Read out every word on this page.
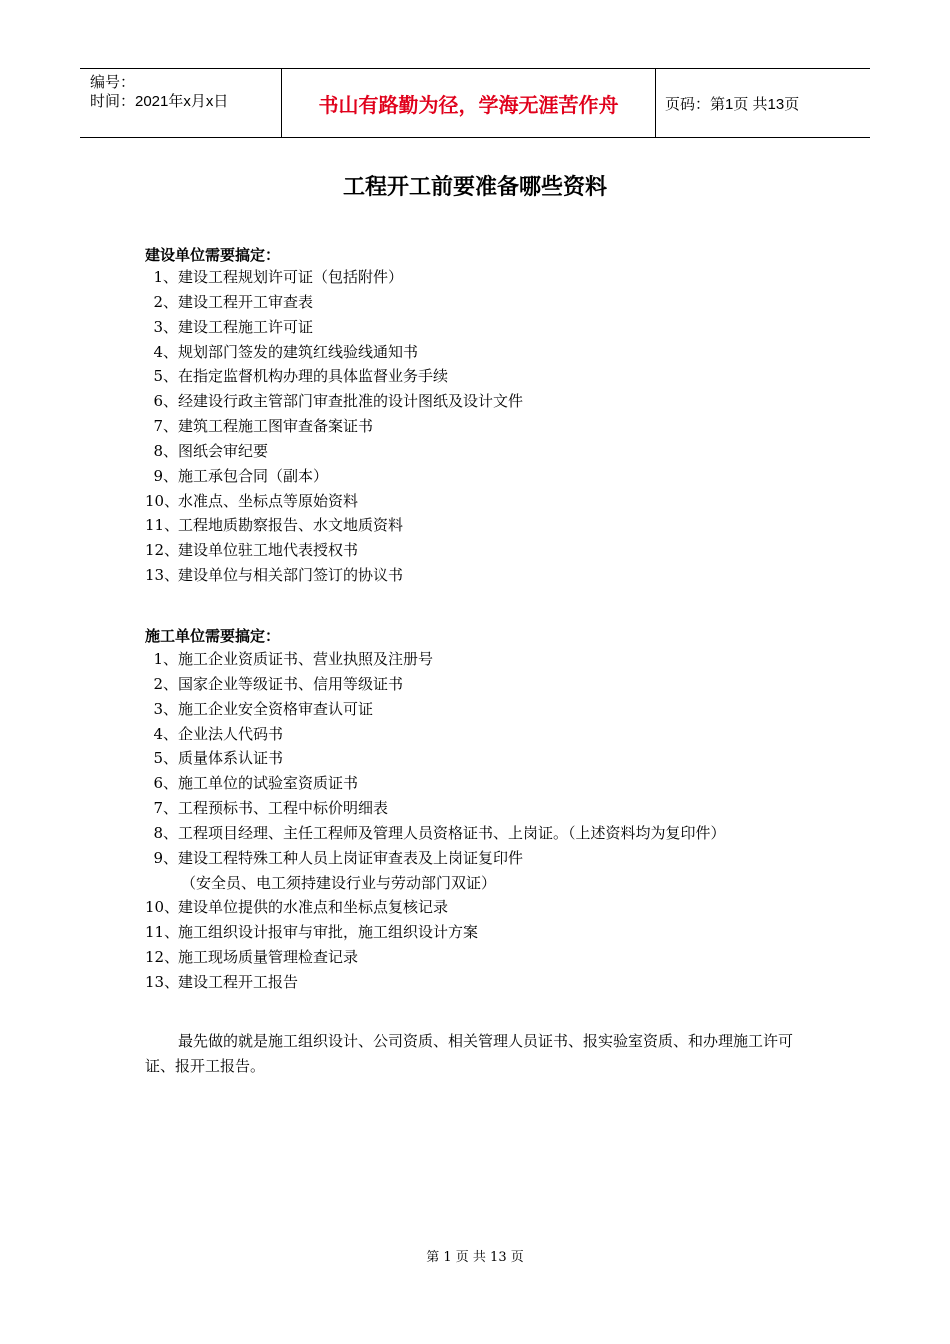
编号：
时间：2021年x月x日	书山有路勤为径，学海无涯苦作舟	页码：第1页 共13页
工程开工前要准备哪些资料
建设单位需要搞定：
1、建设工程规划许可证（包括附件）
2、建设工程开工审查表
3、建设工程施工许可证
4、规划部门签发的建筑红线验线通知书
5、在指定监督机构办理的具体监督业务手续
6、经建设行政主管部门审查批准的设计图纸及设计文件
7、建筑工程施工图审查备案证书
8、图纸会审纪要
9、施工承包合同（副本）
10、水准点、坐标点等原始资料
11、工程地质勘察报告、水文地质资料
12、建设单位驻工地代表授权书
13、建设单位与相关部门签订的协议书
施工单位需要搞定：
1、施工企业资质证书、营业执照及注册号
2、国家企业等级证书、信用等级证书
3、施工企业安全资格审查认可证
4、企业法人代码书
5、质量体系认证书
6、施工单位的试验室资质证书
7、工程预标书、工程中标价明细表
8、工程项目经理、主任工程师及管理人员资格证书、上岗证。（上述资料均为复印件）
9、建设工程特殊工种人员上岗证审查表及上岗证复印件
（安全员、电工须持建设行业与劳动部门双证）
10、建设单位提供的水准点和坐标点复核记录
11、施工组织设计报审与审批，施工组织设计方案
12、施工现场质量管理检查记录
13、建设工程开工报告
最先做的就是施工组织设计、公司资质、相关管理人员证书、报实验室资质、和办理施工许可证、报开工报告。
第 1 页 共 13 页
